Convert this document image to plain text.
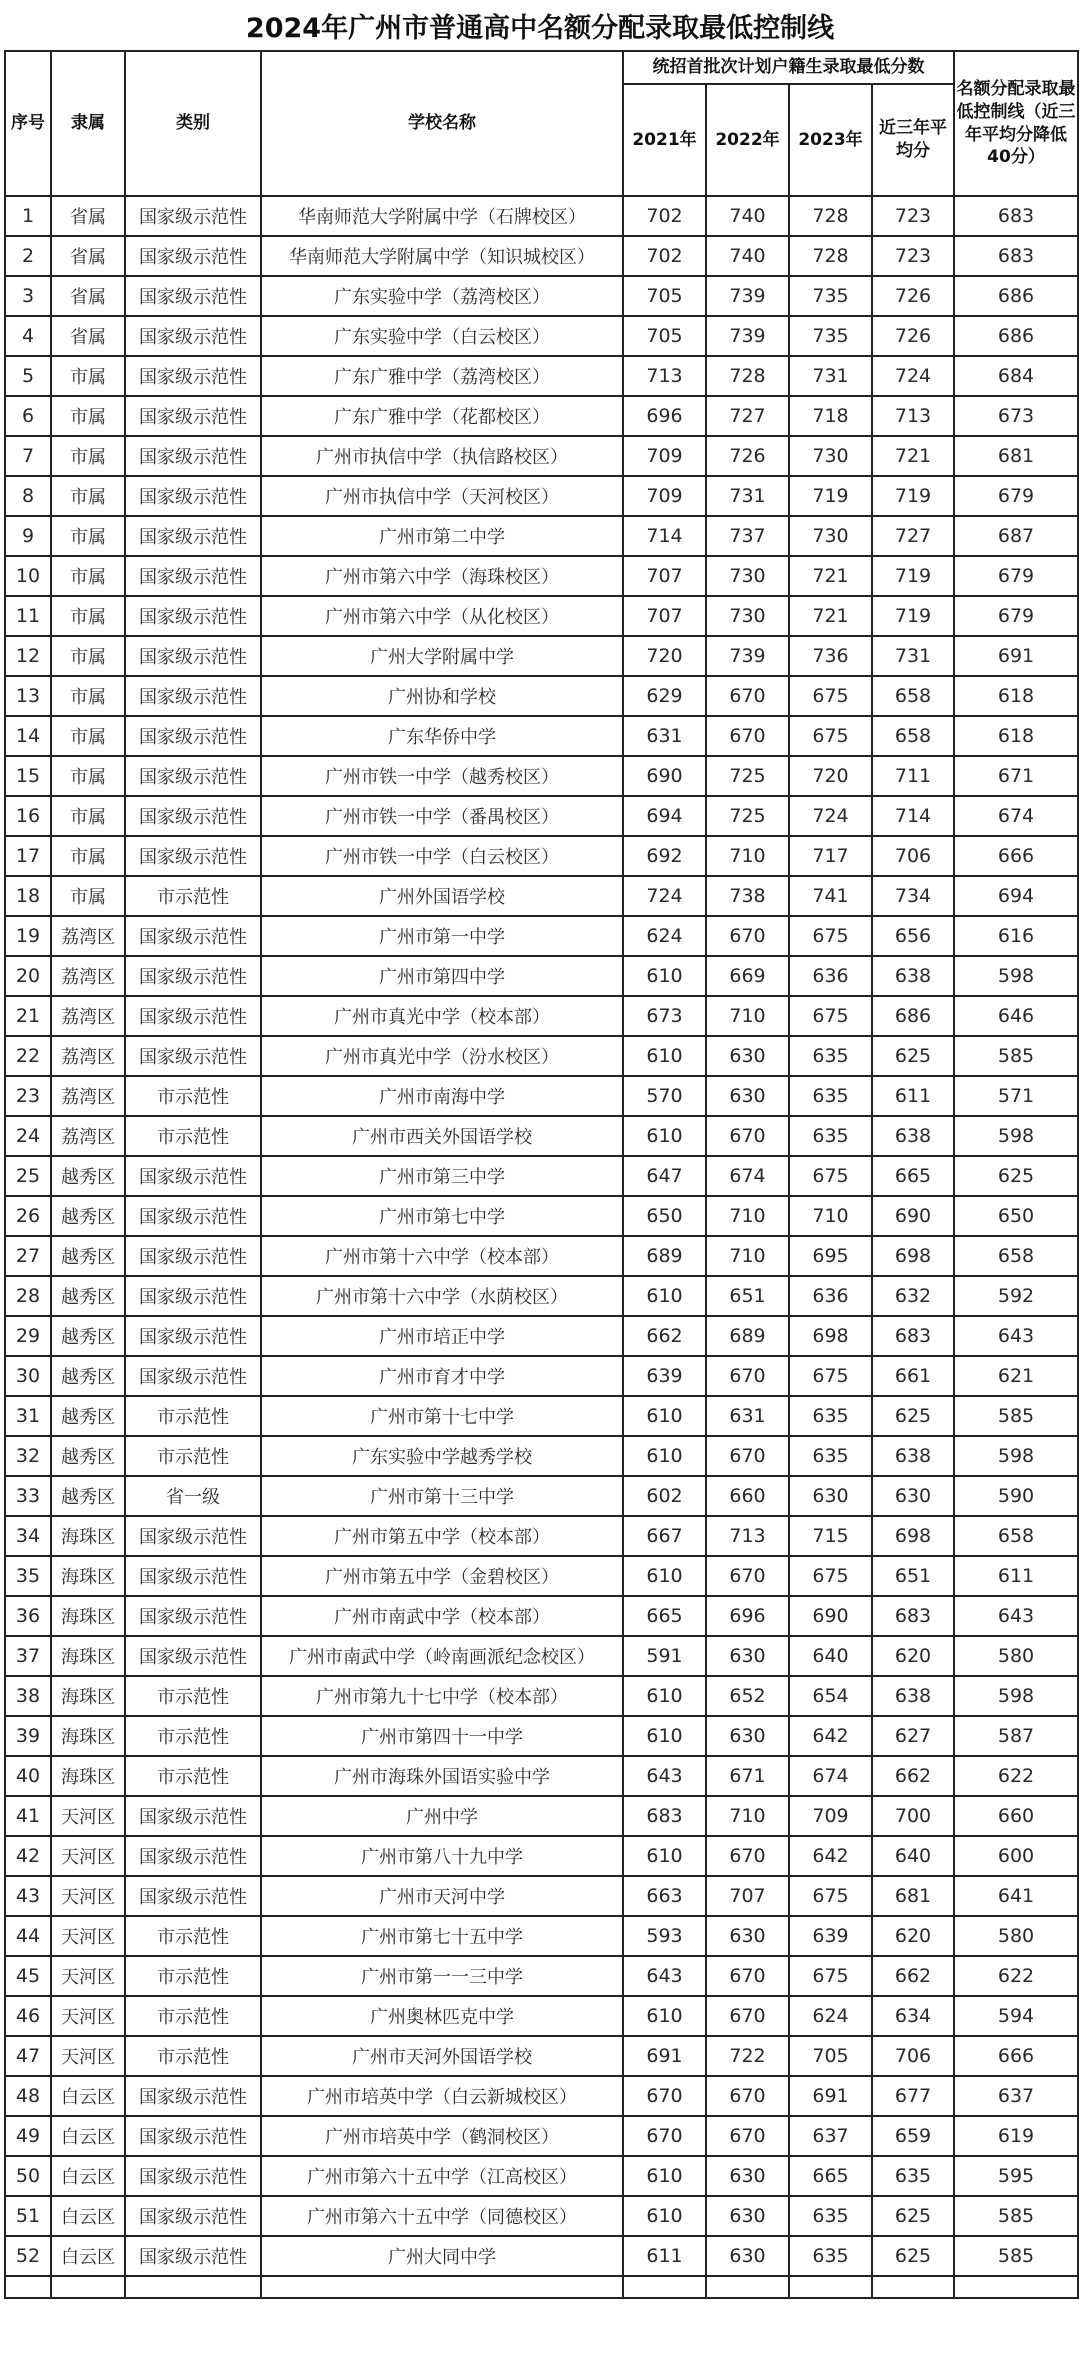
2024年广州市普通高中名额分配录取最低控制线
序号	隶属	类别	学校名称	统招首批次计划户籍生录取最低分数				名额分配录取最低控制线（近三年平均分降低40分）
				2021年	2022年	2023年	近三年平均分	
1	省属	国家级示范性	华南师范大学附属中学（石牌校区）	702	740	728	723	683
2	省属	国家级示范性	华南师范大学附属中学（知识城校区）	702	740	728	723	683
3	省属	国家级示范性	广东实验中学（荔湾校区）	705	739	735	726	686
4	省属	国家级示范性	广东实验中学（白云校区）	705	739	735	726	686
5	市属	国家级示范性	广东广雅中学（荔湾校区）	713	728	731	724	684
6	市属	国家级示范性	广东广雅中学（花都校区）	696	727	718	713	673
7	市属	国家级示范性	广州市执信中学（执信路校区）	709	726	730	721	681
8	市属	国家级示范性	广州市执信中学（天河校区）	709	731	719	719	679
9	市属	国家级示范性	广州市第二中学	714	737	730	727	687
10	市属	国家级示范性	广州市第六中学（海珠校区）	707	730	721	719	679
11	市属	国家级示范性	广州市第六中学（从化校区）	707	730	721	719	679
12	市属	国家级示范性	广州大学附属中学	720	739	736	731	691
13	市属	国家级示范性	广州协和学校	629	670	675	658	618
14	市属	国家级示范性	广东华侨中学	631	670	675	658	618
15	市属	国家级示范性	广州市铁一中学（越秀校区）	690	725	720	711	671
16	市属	国家级示范性	广州市铁一中学（番禺校区）	694	725	724	714	674
17	市属	国家级示范性	广州市铁一中学（白云校区）	692	710	717	706	666
18	市属	市示范性	广州外国语学校	724	738	741	734	694
19	荔湾区	国家级示范性	广州市第一中学	624	670	675	656	616
20	荔湾区	国家级示范性	广州市第四中学	610	669	636	638	598
21	荔湾区	国家级示范性	广州市真光中学（校本部）	673	710	675	686	646
22	荔湾区	国家级示范性	广州市真光中学（汾水校区）	610	630	635	625	585
23	荔湾区	市示范性	广州市南海中学	570	630	635	611	571
24	荔湾区	市示范性	广州市西关外国语学校	610	670	635	638	598
25	越秀区	国家级示范性	广州市第三中学	647	674	675	665	625
26	越秀区	国家级示范性	广州市第七中学	650	710	710	690	650
27	越秀区	国家级示范性	广州市第十六中学（校本部）	689	710	695	698	658
28	越秀区	国家级示范性	广州市第十六中学（水荫校区）	610	651	636	632	592
29	越秀区	国家级示范性	广州市培正中学	662	689	698	683	643
30	越秀区	国家级示范性	广州市育才中学	639	670	675	661	621
31	越秀区	市示范性	广州市第十七中学	610	631	635	625	585
32	越秀区	市示范性	广东实验中学越秀学校	610	670	635	638	598
33	越秀区	省一级	广州市第十三中学	602	660	630	630	590
34	海珠区	国家级示范性	广州市第五中学（校本部）	667	713	715	698	658
35	海珠区	国家级示范性	广州市第五中学（金碧校区）	610	670	675	651	611
36	海珠区	国家级示范性	广州市南武中学（校本部）	665	696	690	683	643
37	海珠区	国家级示范性	广州市南武中学（岭南画派纪念校区）	591	630	640	620	580
38	海珠区	市示范性	广州市第九十七中学（校本部）	610	652	654	638	598
39	海珠区	市示范性	广州市第四十一中学	610	630	642	627	587
40	海珠区	市示范性	广州市海珠外国语实验中学	643	671	674	662	622
41	天河区	国家级示范性	广州中学	683	710	709	700	660
42	天河区	国家级示范性	广州市第八十九中学	610	670	642	640	600
43	天河区	国家级示范性	广州市天河中学	663	707	675	681	641
44	天河区	市示范性	广州市第七十五中学	593	630	639	620	580
45	天河区	市示范性	广州市第一一三中学	643	670	675	662	622
46	天河区	市示范性	广州奥林匹克中学	610	670	624	634	594
47	天河区	市示范性	广州市天河外国语学校	691	722	705	706	666
48	白云区	国家级示范性	广州市培英中学（白云新城校区）	670	670	691	677	637
49	白云区	国家级示范性	广州市培英中学（鹤洞校区）	670	670	637	659	619
50	白云区	国家级示范性	广州市第六十五中学（江高校区）	610	630	665	635	595
51	白云区	国家级示范性	广州市第六十五中学（同德校区）	610	630	635	625	585
52	白云区	国家级示范性	广州大同中学	611	630	635	625	585
